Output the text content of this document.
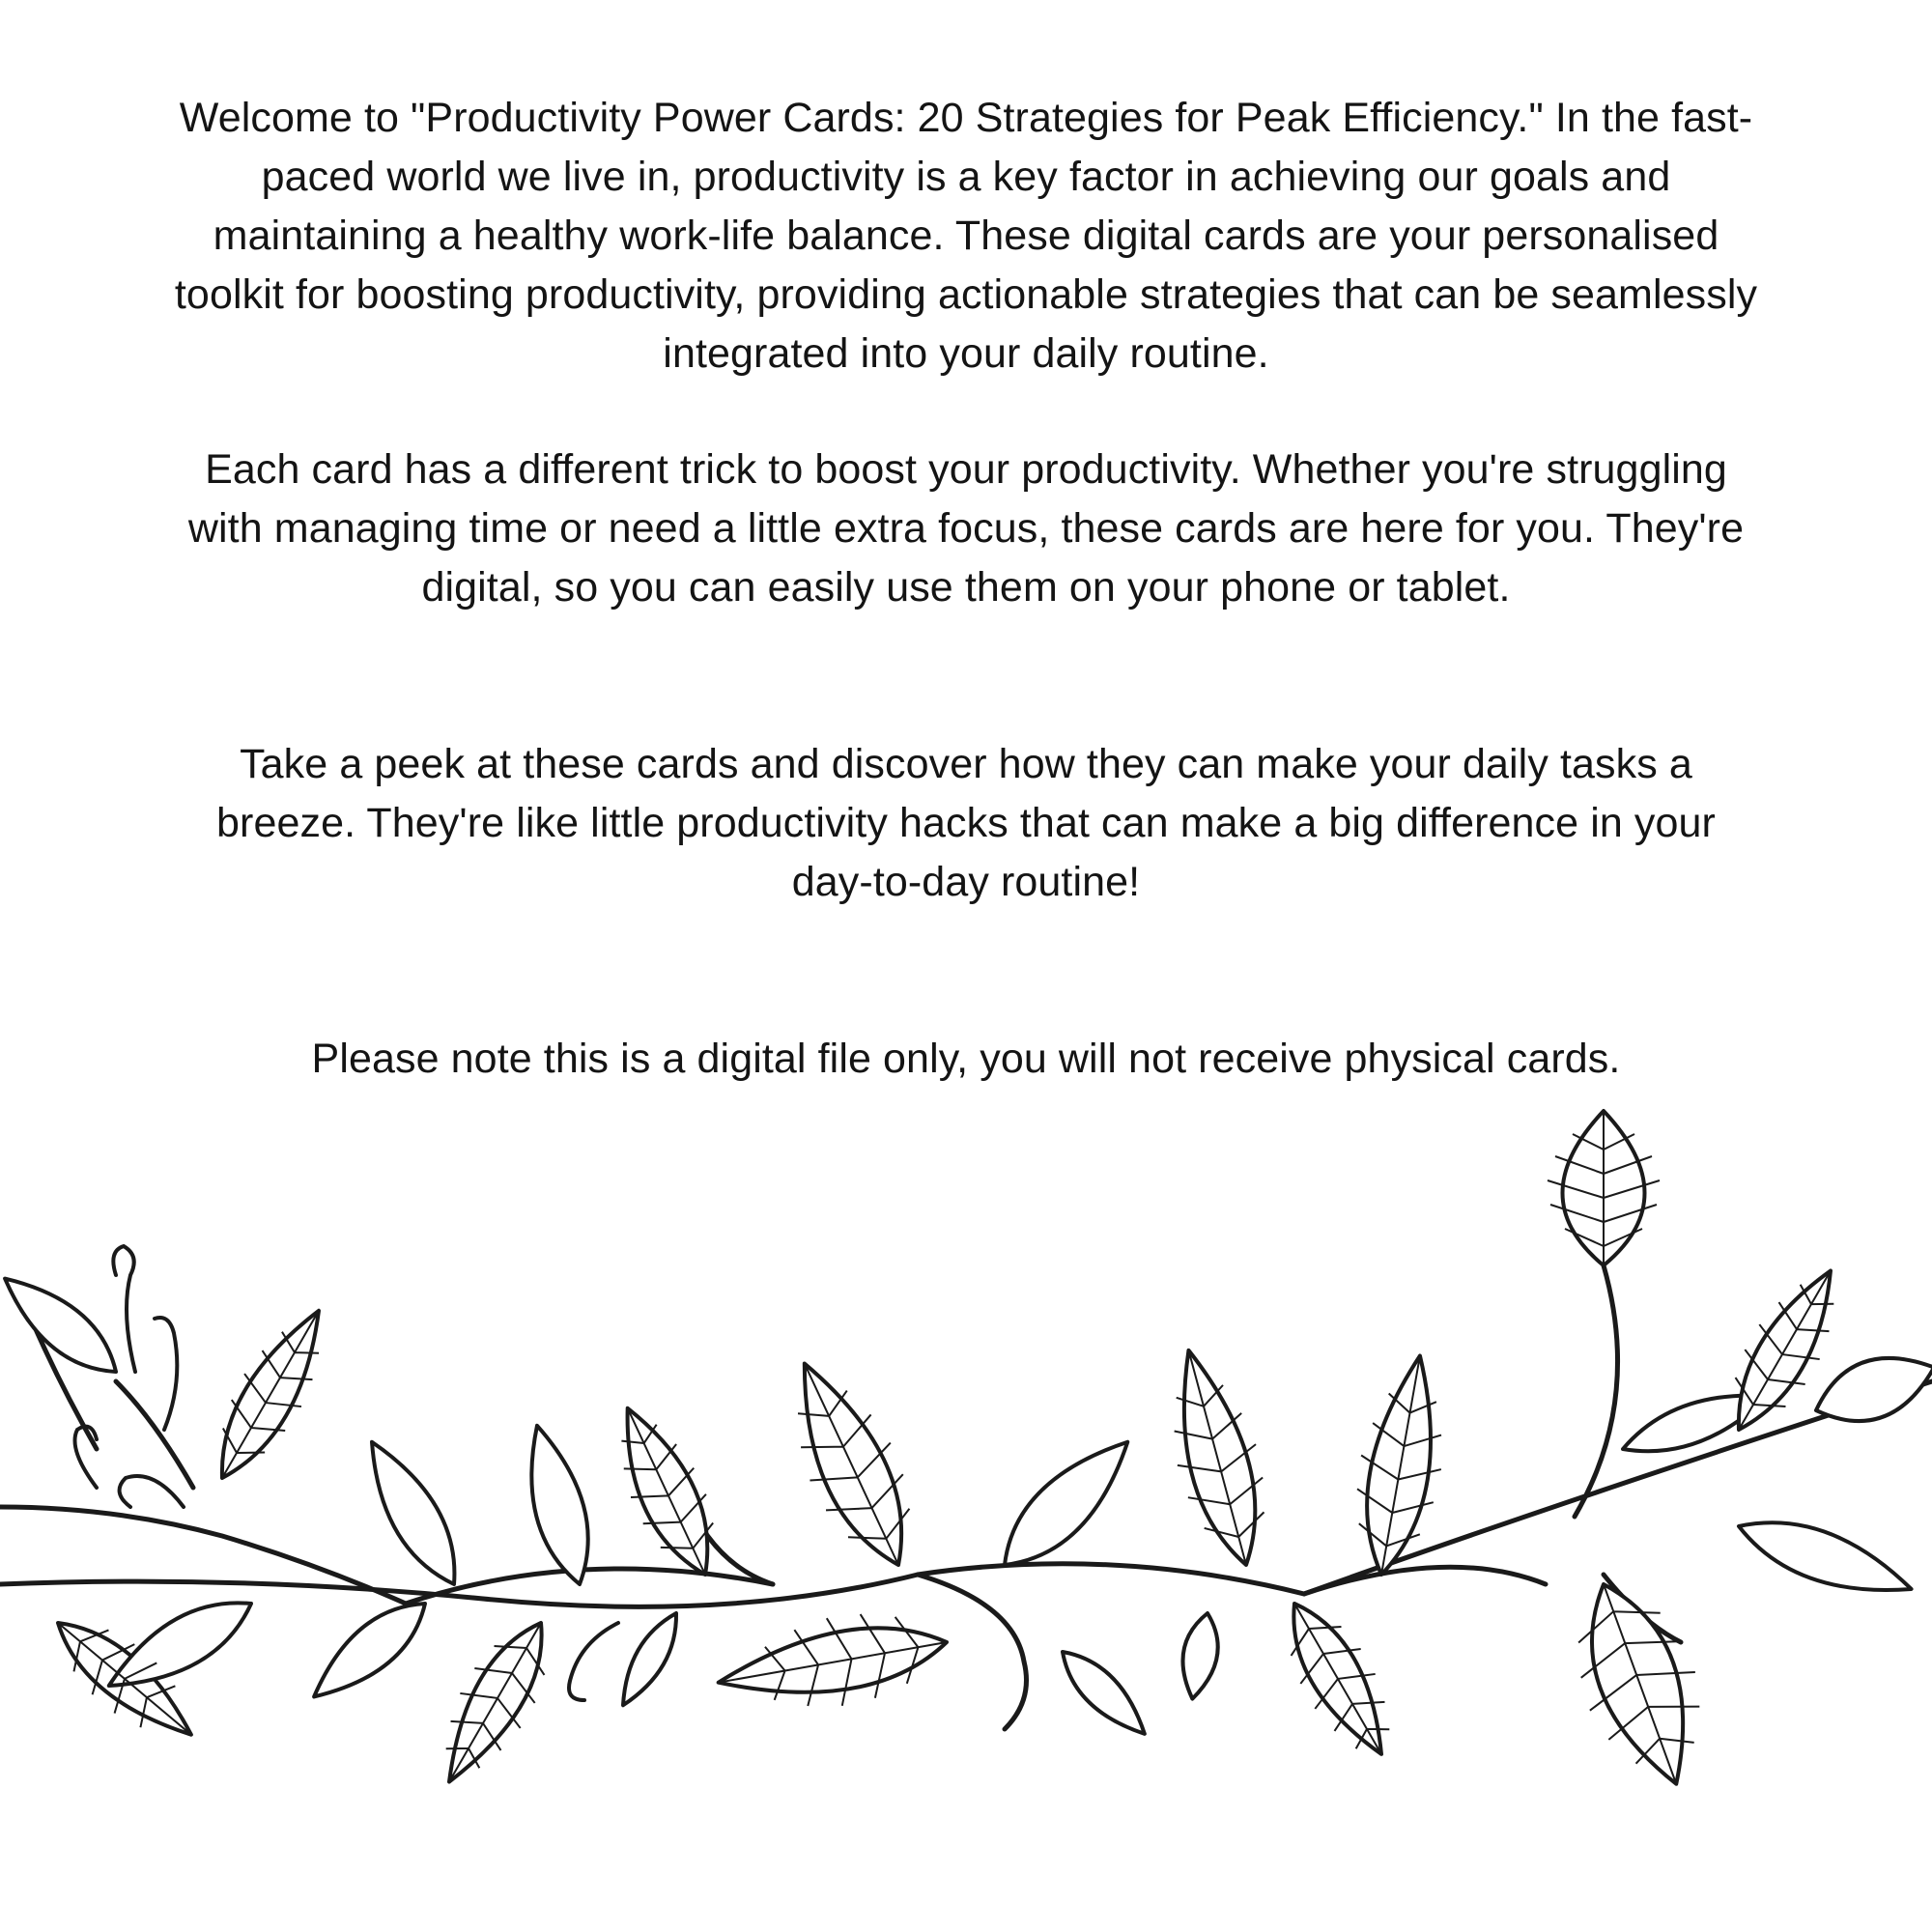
Welcome to "Productivity Power Cards: 20 Strategies for Peak Efficiency." In the fast-paced world we live in, productivity is a key factor in achieving our goals and maintaining a healthy work-life balance. These digital cards are your personalised toolkit for boosting productivity, providing actionable strategies that can be seamlessly integrated into your daily routine.

Each card has a different trick to boost your productivity. Whether you're struggling with managing time or need a little extra focus, these cards are here for you. They're digital, so you can easily use them on your phone or tablet.

Take a peek at these cards and discover how they can make your daily tasks a breeze. They're like little productivity hacks that can make a big difference in your day-to-day routine!

Please note this is a digital file only, you will not receive physical cards.
